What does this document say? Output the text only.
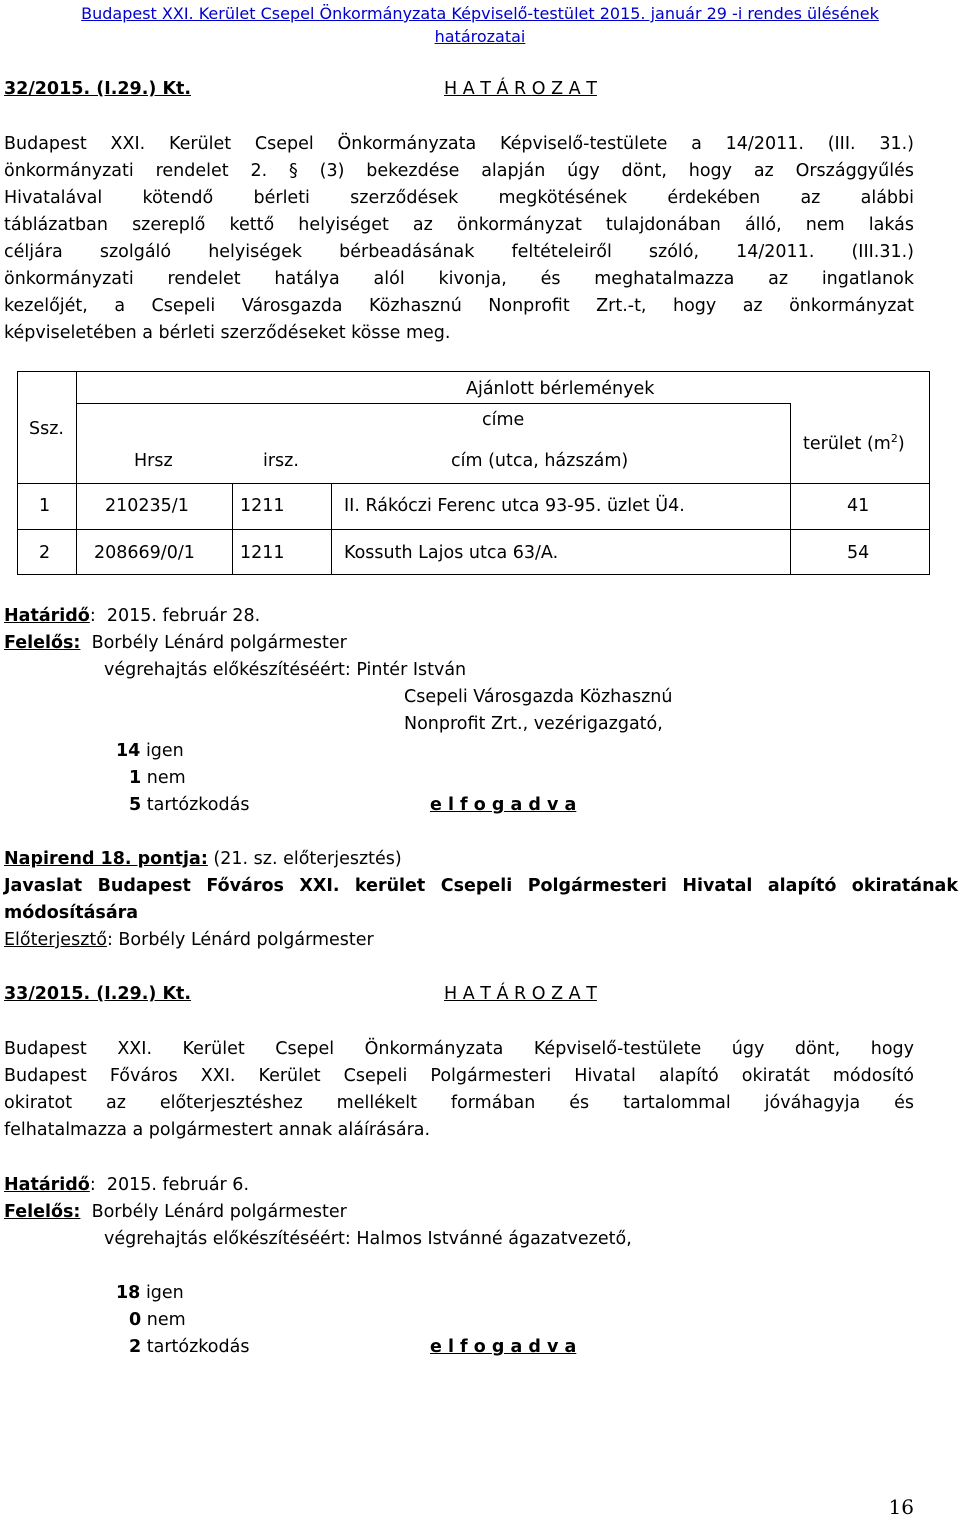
Budapest XXI. Kerület Csepel Önkormányzata Képviselő-testület 2015. január 29 -i rendes ülésének
határozatai
32/2015. (I.29.) Kt.	H A T Á R O Z A T
Budapest XXI. Kerület Csepel Önkormányzata Képviselő-testülete a 14/2011. (III. 31.)
önkormányzati rendelet 2. § (3) bekezdése alapján úgy dönt, hogy az Országgyűlés
Hivatalával kötendő bérleti szerződések megkötésének érdekében az alábbi
táblázatban szereplő kettő helyiséget az önkormányzat tulajdonában álló, nem lakás
céljára szolgáló helyiségek bérbeadásának feltételeiről szóló, 14/2011. (III.31.)
önkormányzati rendelet hatálya alól kivonja, és meghatalmazza az ingatlanok
kezelőjét, a Csepeli Városgazda Közhasznú Nonprofit Zrt.-t, hogy az önkormányzat
képviseletében a bérleti szerződéseket kösse meg.
Ssz.
Ajánlott bérlemények
címe
Hrsz	irsz.	cím (utca, házszám)
terület $(m^2)$
1	210235/1	1211	II. Rákóczi Ferenc utca 93-95. üzlet Ü4.	41
2	208669/0/1	1211	Kossuth Lajos utca 63/A.	54
Határidő:  2015. február 28.
Felelős: Borbély Lénárd polgármester
végrehajtás előkészítéséért: Pintér István
Csepeli Városgazda Közhasznú
Nonprofit Zrt., vezérigazgató,
14 igen
1 nem
5 tartózkodás	e l f o g a d v a
Napirend 18. pontja: (21. sz. előterjesztés)
Javaslat Budapest Főváros XXI. kerület Csepeli Polgármesteri Hivatal alapító okiratának
módosítására
Előterjesztő: Borbély Lénárd polgármester
33/2015. (I.29.) Kt.	H A T Á R O Z A T
Budapest XXI. Kerület Csepel Önkormányzata Képviselő-testülete úgy dönt, hogy
Budapest Főváros XXI. Kerület Csepeli Polgármesteri Hivatal alapító okiratát módosító
okiratot az előterjesztéshez mellékelt formában és tartalommal jóváhagyja és
felhatalmazza a polgármestert annak aláírására.
Határidő:  2015. február 6.
Felelős: Borbély Lénárd polgármester
végrehajtás előkészítéséért: Halmos Istvánné ágazatvezető,
18 igen
0 nem
2 tartózkodás	e l f o g a d v a
16
